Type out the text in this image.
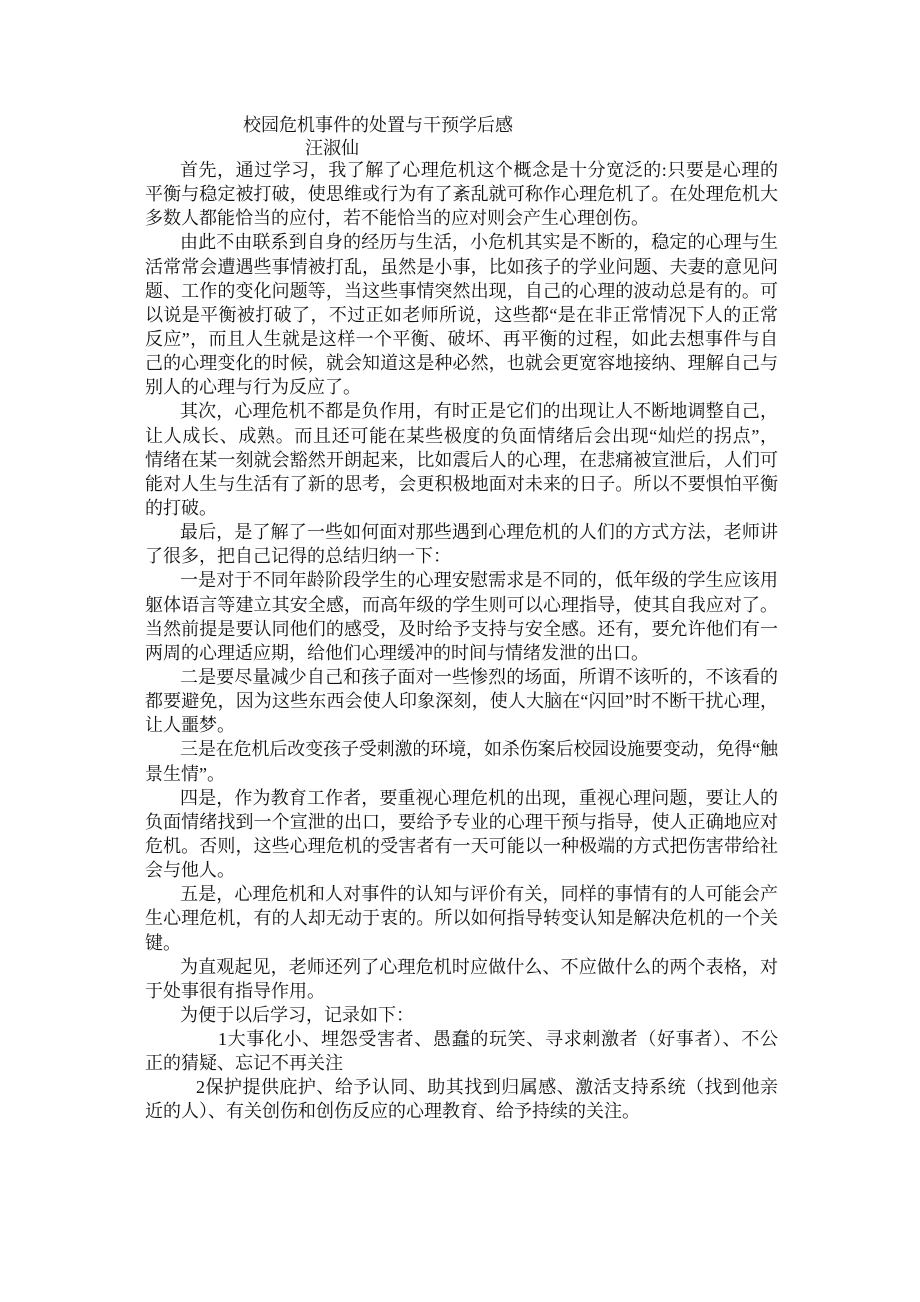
校园危机事件的处置与干预学后感
汪淑仙
首先，通过学习，我了解了心理危机这个概念是十分宽泛的:只要是心理的
平衡与稳定被打破，使思维或行为有了紊乱就可称作心理危机了。在处理危机大
多数人都能恰当的应付，若不能恰当的应对则会产生心理创伤。
由此不由联系到自身的经历与生活，小危机其实是不断的，稳定的心理与生
活常常会遭遇些事情被打乱，虽然是小事，比如孩子的学业问题、夫妻的意见问
题、工作的变化问题等，当这些事情突然出现，自己的心理的波动总是有的。可
以说是平衡被打破了，不过正如老师所说，这些都“是在非正常情况下人的正常
反应”，而且人生就是这样一个平衡、破坏、再平衡的过程，如此去想事件与自
己的心理变化的时候，就会知道这是种必然，也就会更宽容地接纳、理解自己与
别人的心理与行为反应了。
其次，心理危机不都是负作用，有时正是它们的出现让人不断地调整自己，
让人成长、成熟。而且还可能在某些极度的负面情绪后会出现“灿烂的拐点”，
情绪在某一刻就会豁然开朗起来，比如震后人的心理，在悲痛被宣泄后，人们可
能对人生与生活有了新的思考，会更积极地面对未来的日子。所以不要惧怕平衡
的打破。
最后，是了解了一些如何面对那些遇到心理危机的人们的方式方法，老师讲
了很多，把自己记得的总结归纳一下：
一是对于不同年龄阶段学生的心理安慰需求是不同的，低年级的学生应该用
躯体语言等建立其安全感，而高年级的学生则可以心理指导，使其自我应对了。
当然前提是要认同他们的感受，及时给予支持与安全感。还有，要允许他们有一
两周的心理适应期，给他们心理缓冲的时间与情绪发泄的出口。
二是要尽量减少自己和孩子面对一些惨烈的场面，所谓不该听的，不该看的
都要避免，因为这些东西会使人印象深刻，使人大脑在“闪回”时不断干扰心理，
让人噩梦。
三是在危机后改变孩子受刺激的环境，如杀伤案后校园设施要变动，免得“触
景生情”。
四是，作为教育工作者，要重视心理危机的出现，重视心理问题，要让人的
负面情绪找到一个宣泄的出口，要给予专业的心理干预与指导，使人正确地应对
危机。否则，这些心理危机的受害者有一天可能以一种极端的方式把伤害带给社
会与他人。
五是，心理危机和人对事件的认知与评价有关，同样的事情有的人可能会产
生心理危机，有的人却无动于衷的。所以如何指导转变认知是解决危机的一个关
键。
为直观起见，老师还列了心理危机时应做什么、不应做什么的两个表格，对
于处事很有指导作用。
为便于以后学习，记录如下：
1大事化小、埋怨受害者、愚蠢的玩笑、寻求刺激者（好事者）、不公
正的猜疑、忘记不再关注
2保护提供庇护、给予认同、助其找到归属感、激活支持系统（找到他亲
近的人）、有关创伤和创伤反应的心理教育、给予持续的关注。
